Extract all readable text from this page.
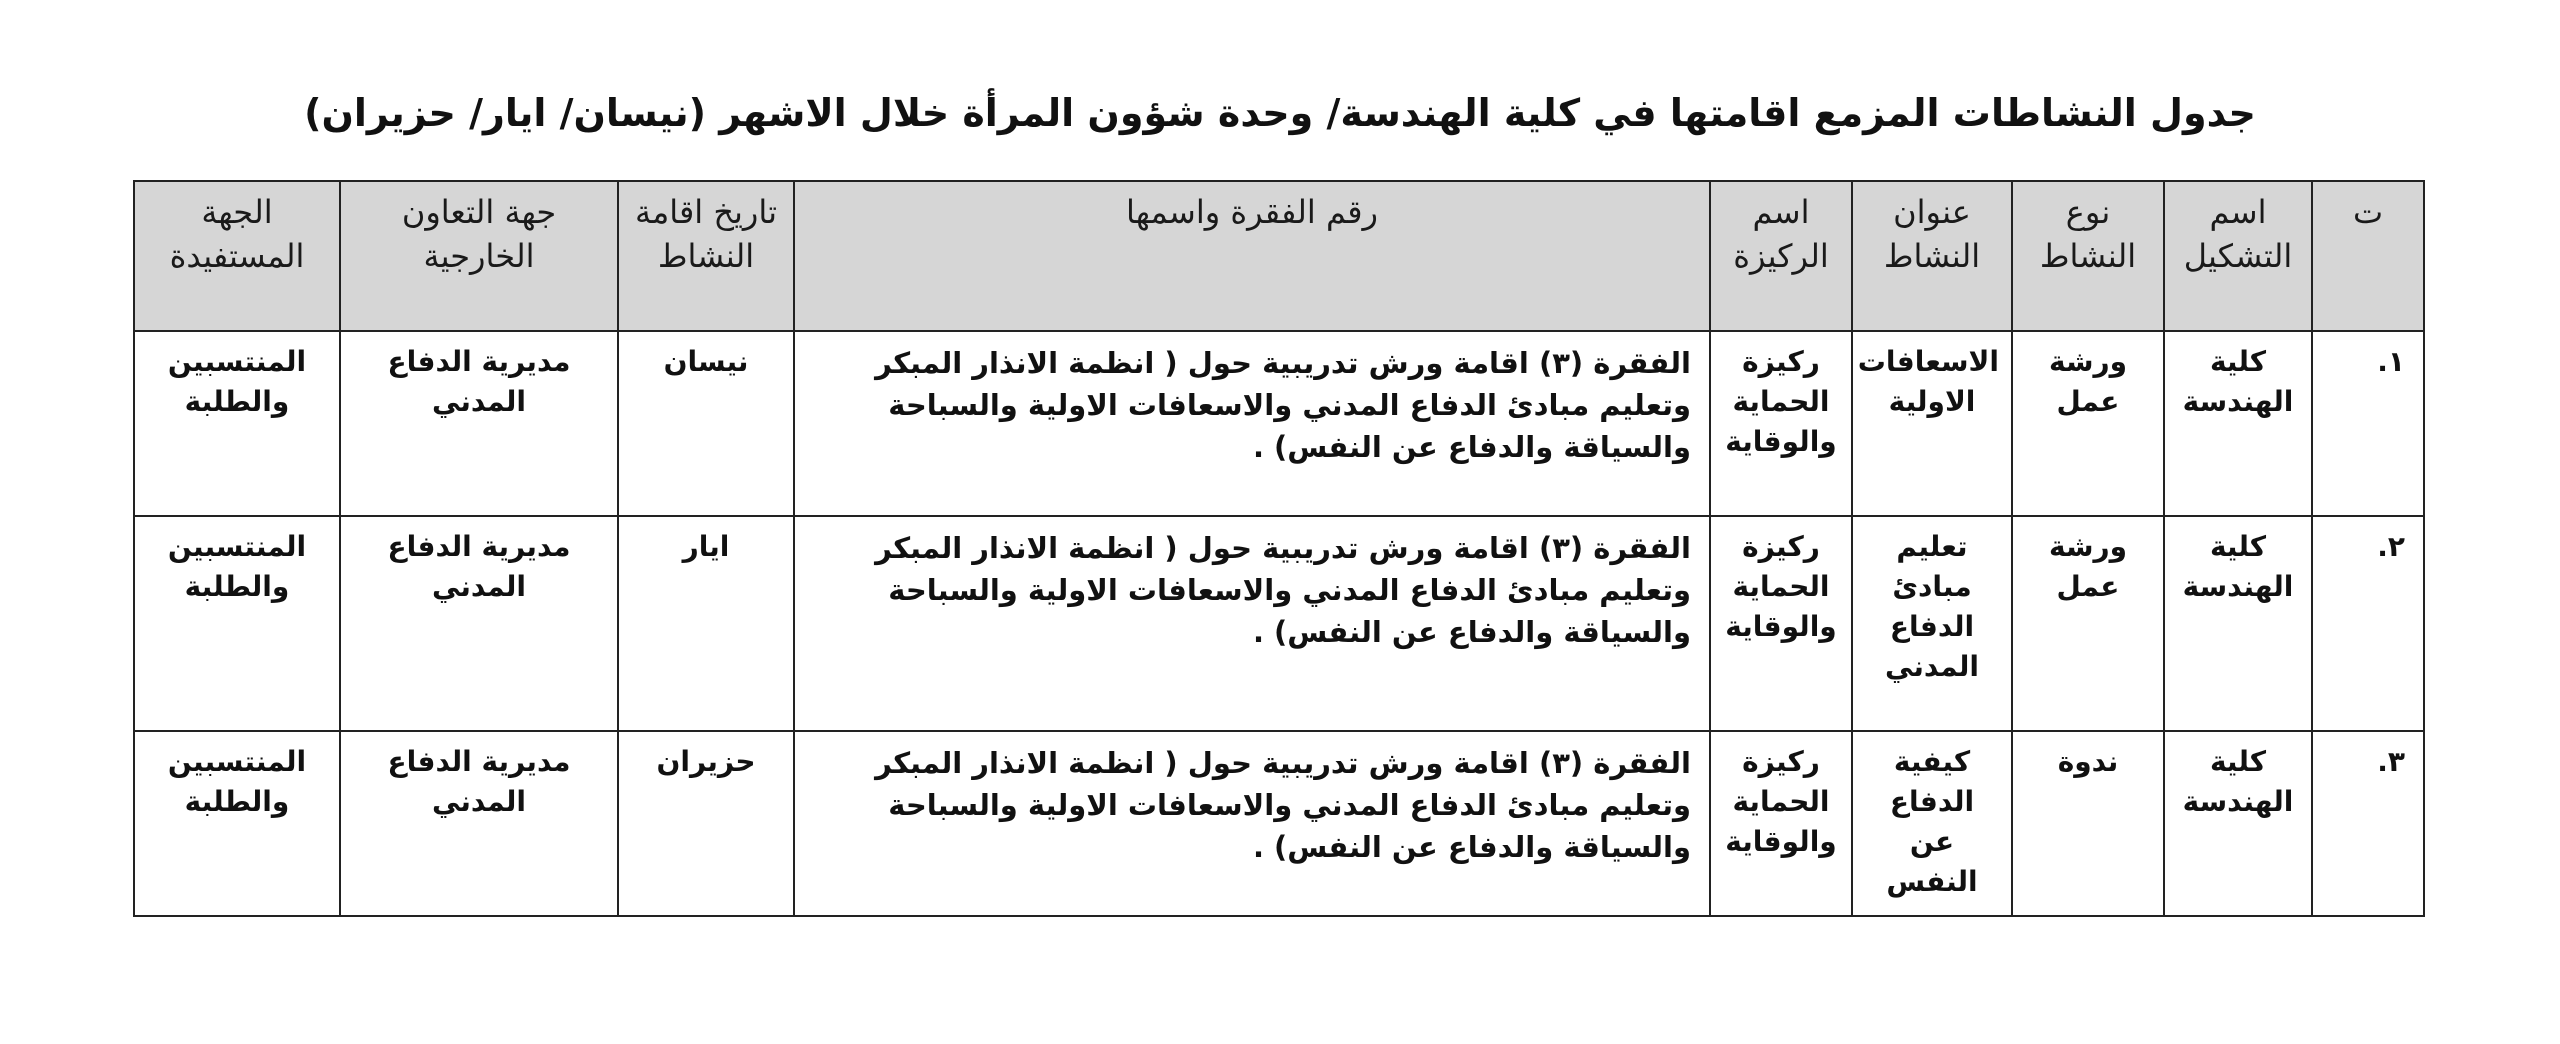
جدول النشاطات المزمع اقامتها في كلية الهندسة/ وحدة شؤون المرأة خلال الاشهر (نيسان/ ايار/ حزيران)
ت	اسم التشكيل	نوع النشاط	عنوان النشاط	اسم الركيزة	رقم الفقرة واسمها	تاريخ اقامة النشاط	جهة التعاون الخارجية	الجهة المستفيدة
١.	كلية الهندسة	ورشة عمل	الاسعافات الاولية	ركيزة الحماية والوقاية	الفقرة (٣) اقامة ورش تدريبية حول ( انظمة الانذار المبكر وتعليم مبادئ الدفاع المدني والاسعافات الاولية والسباحة والسياقة والدفاع عن النفس) .	نيسان	مديرية الدفاع المدني	المنتسبين والطلبة
٢.	كلية الهندسة	ورشة عمل	تعليم مبادئ الدفاع المدني	ركيزة الحماية والوقاية	الفقرة (٣) اقامة ورش تدريبية حول ( انظمة الانذار المبكر وتعليم مبادئ الدفاع المدني والاسعافات الاولية والسباحة والسياقة والدفاع عن النفس) .	ايار	مديرية الدفاع المدني	المنتسبين والطلبة
٣.	كلية الهندسة	ندوة	كيفية الدفاع عن النفس	ركيزة الحماية والوقاية	الفقرة (٣) اقامة ورش تدريبية حول ( انظمة الانذار المبكر وتعليم مبادئ الدفاع المدني والاسعافات الاولية والسباحة والسياقة والدفاع عن النفس) .	حزيران	مديرية الدفاع المدني	المنتسبين والطلبة
